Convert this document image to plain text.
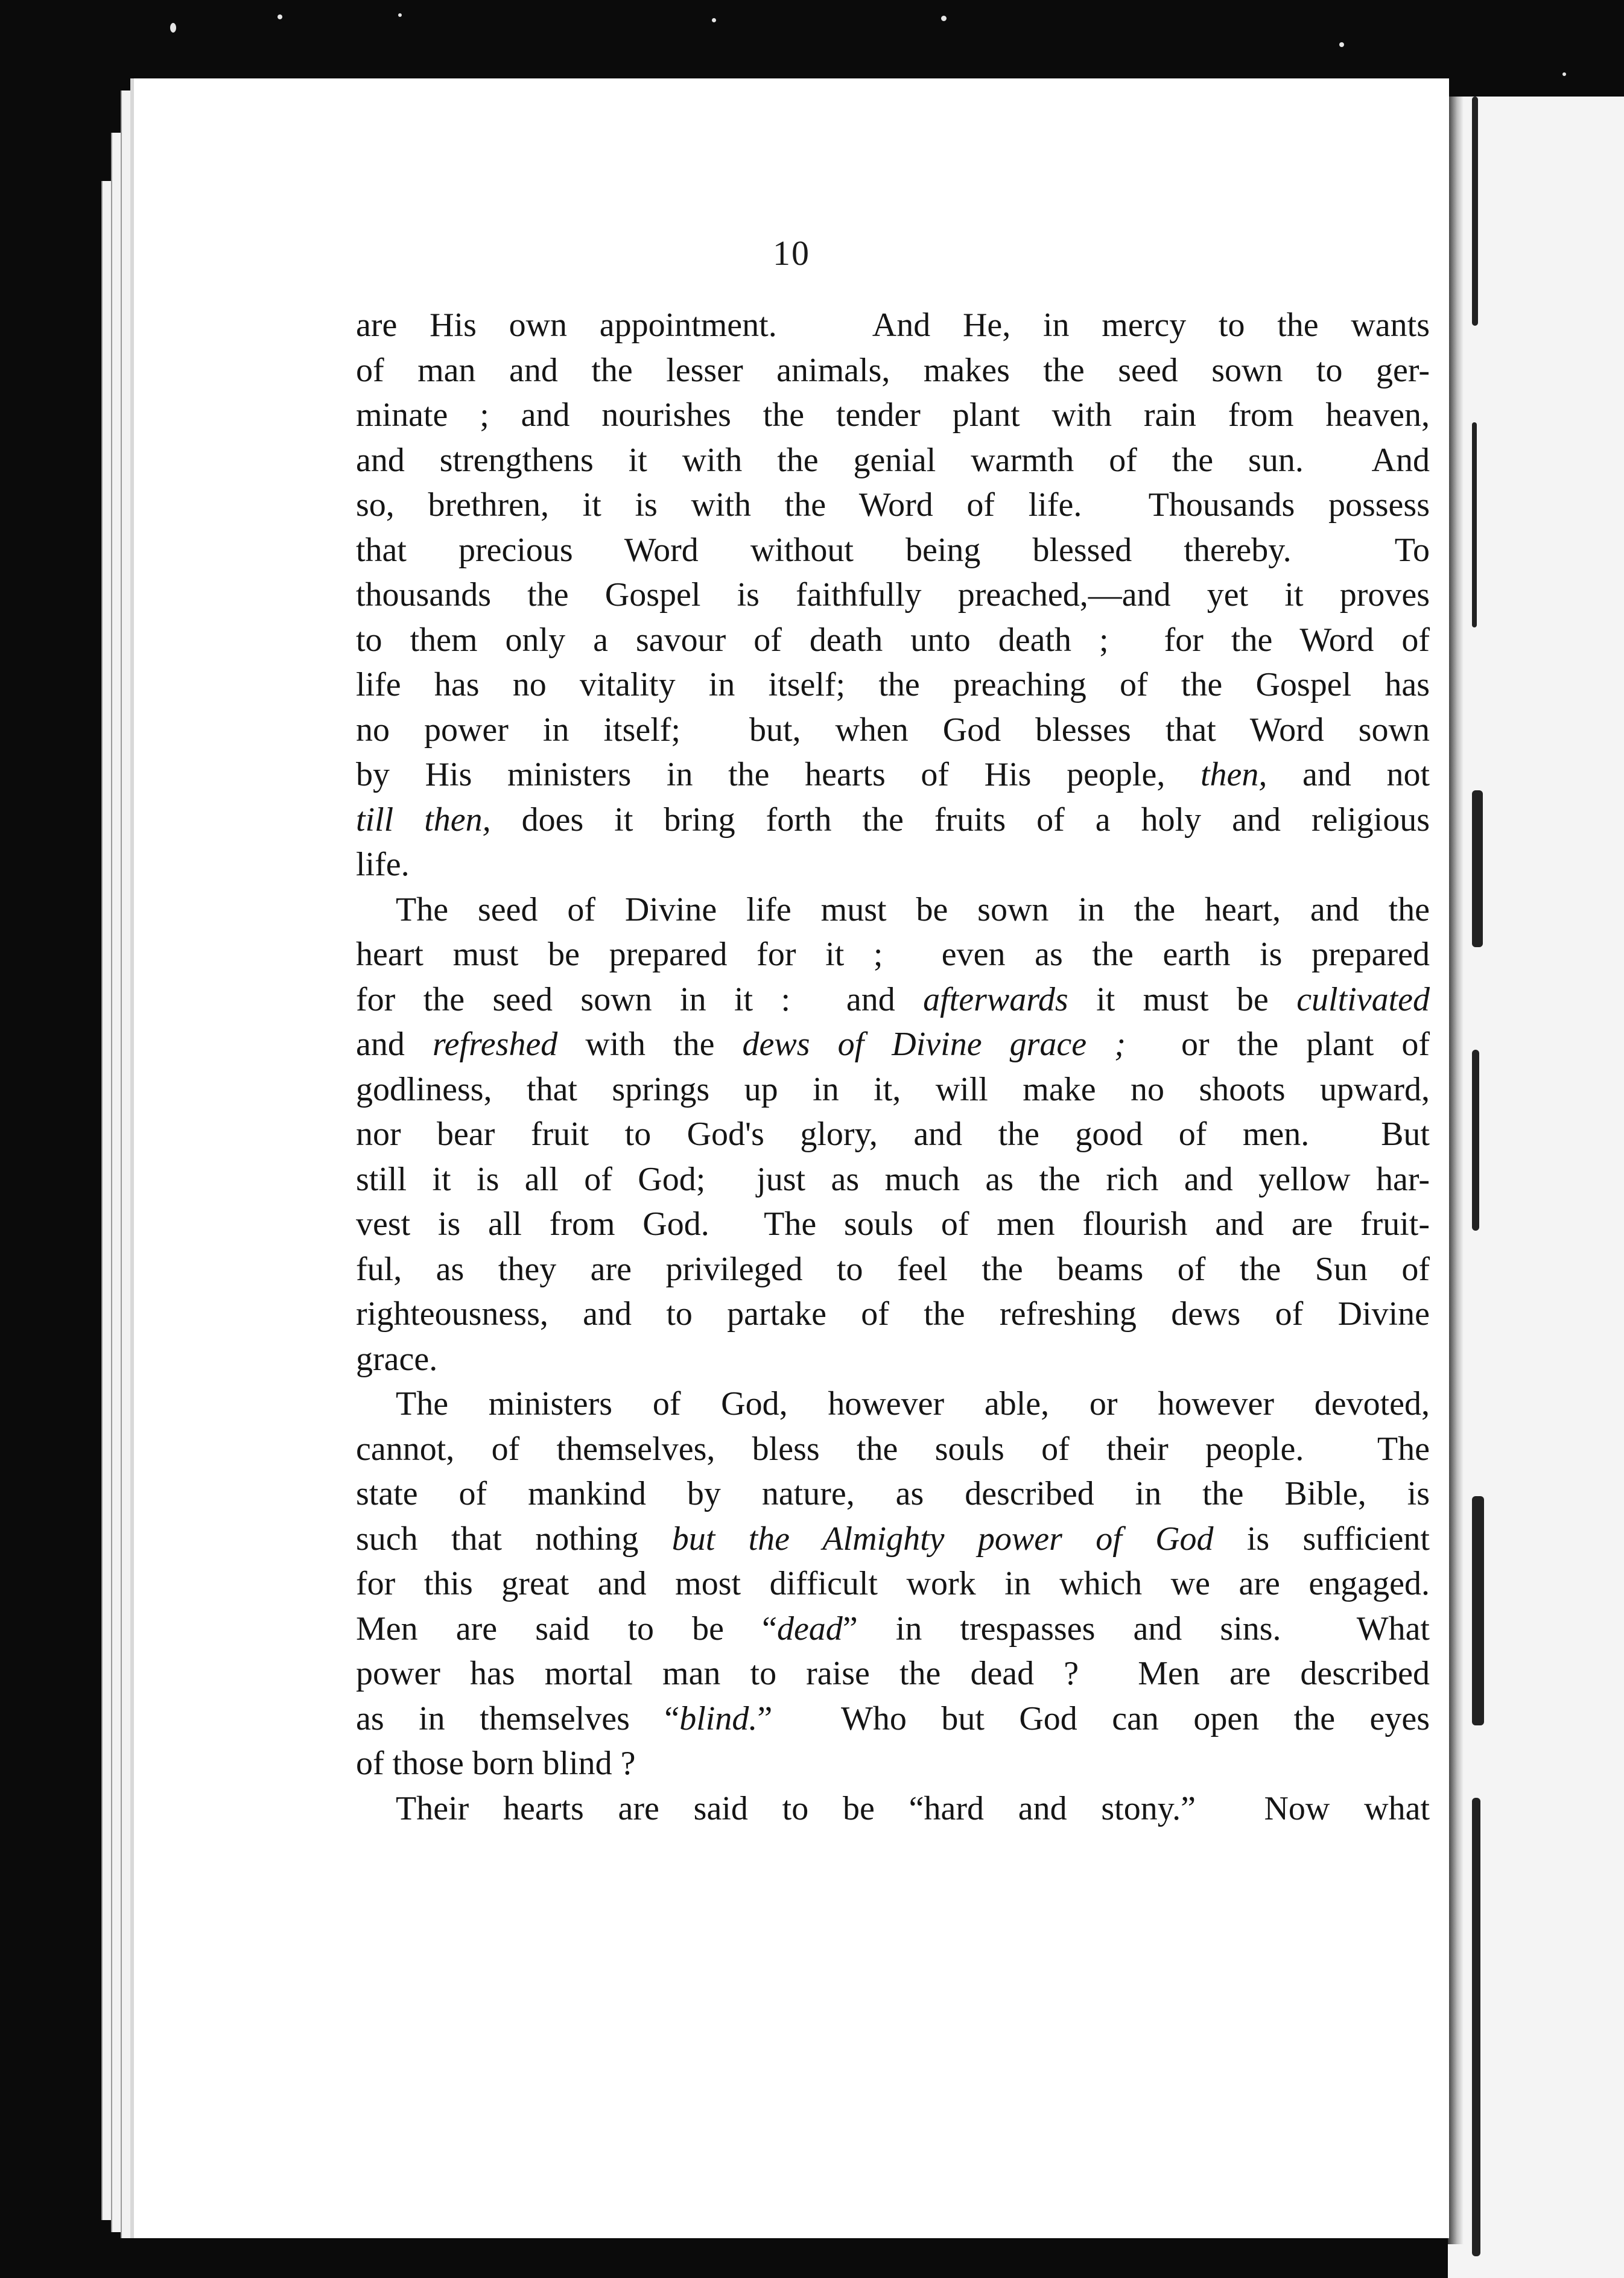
10
are His own appointment.   And He, in mercy to the wants
of man and the lesser animals, makes the seed sown to ger-
minate ; and nourishes the tender plant with rain from heaven,
and strengthens it with the genial warmth of the sun.  And
so, brethren, it is with the Word of life.  Thousands possess
that precious Word without being blessed thereby.  To
thousands the Gospel is faithfully preached,—and yet it proves
to them only a savour of death unto death ;  for the Word of
life has no vitality in itself; the preaching of the Gospel has
no power in itself;  but, when God blesses that Word sown
by His ministers in the hearts of His people, then, and not
till then, does it bring forth the fruits of a holy and religious
life.
The seed of Divine life must be sown in the heart, and the
heart must be prepared for it ;  even as the earth is prepared
for the seed sown in it :  and afterwards it must be cultivated
and refreshed with the dews of Divine grace ;  or the plant of
godliness, that springs up in it, will make no shoots upward,
nor bear fruit to God's glory, and the good of men.  But
still it is all of God;  just as much as the rich and yellow har-
vest is all from God.  The souls of men flourish and are fruit-
ful, as they are privileged to feel the beams of the Sun of
righteousness, and to partake of the refreshing dews of Divine
grace.
The ministers of God, however able, or however devoted,
cannot, of themselves, bless the souls of their people.  The
state of mankind by nature, as described in the Bible, is
such that nothing but the Almighty power of God is sufficient
for this great and most difficult work in which we are engaged.
Men are said to be “dead” in trespasses and sins.  What
power has mortal man to raise the dead ?  Men are described
as in themselves “blind.”  Who but God can open the eyes
of those born blind ?
Their hearts are said to be “hard and stony.”  Now what
